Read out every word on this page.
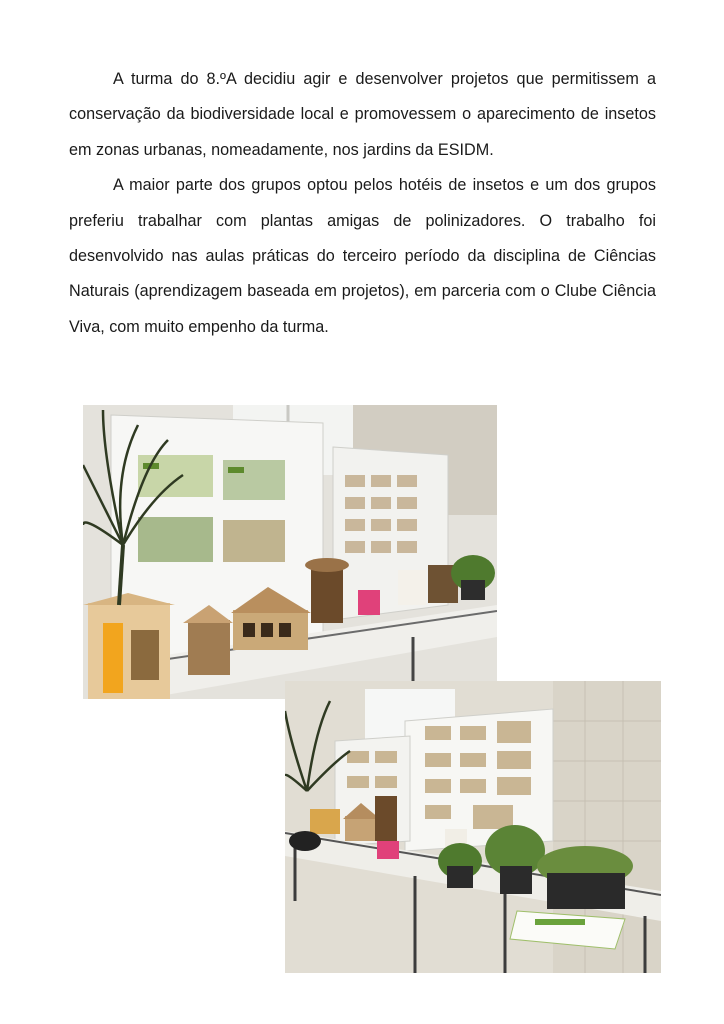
A turma do 8.ºA decidiu agir e desenvolver projetos que permitissem a conservação da biodiversidade local e promovessem o aparecimento de insetos em zonas urbanas, nomeadamente, nos jardins da ESIDM.

A maior parte dos grupos optou pelos hotéis de insetos e um dos grupos preferiu trabalhar com plantas amigas de polinizadores. O trabalho foi desenvolvido nas aulas práticas do terceiro período da disciplina de Ciências Naturais (aprendizagem baseada em projetos), em parceria com o Clube Ciência Viva, com muito empenho da turma.
